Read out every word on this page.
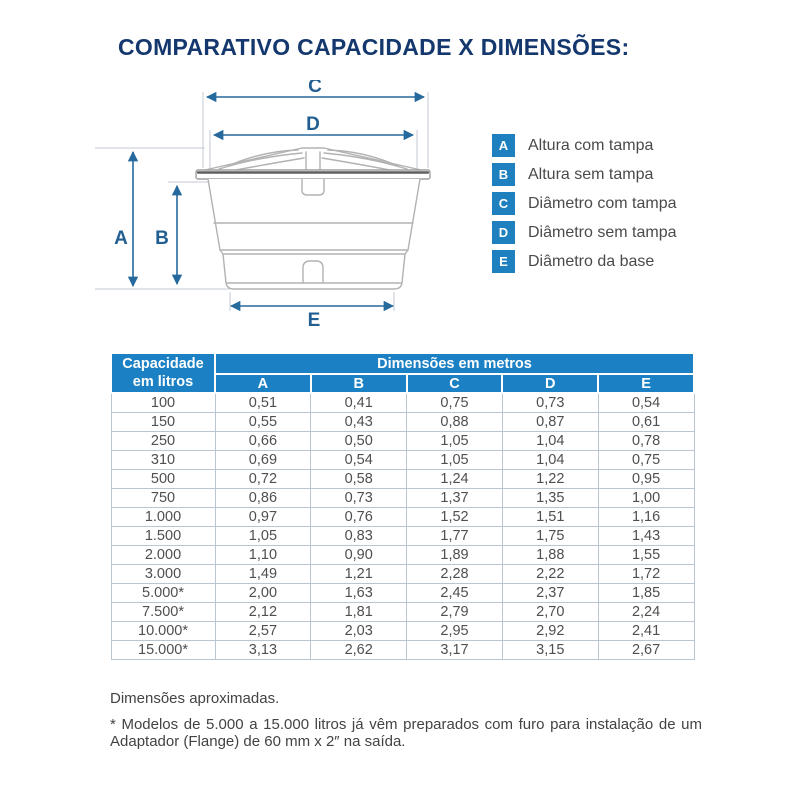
COMPARATIVO CAPACIDADE X DIMENSÕES:
C
D
A B
E
A	Altura com tampa
B	Altura sem tampa
C	Diâmetro com tampa
D	Diâmetro sem tampa
E	Diâmetro da base
Capacidade
em litros	Dimensões em metros				
	A	B	C	D	E
100	0,51	0,41	0,75	0,73	0,54
150	0,55	0,43	0,88	0,87	0,61
250	0,66	0,50	1,05	1,04	0,78
310	0,69	0,54	1,05	1,04	0,75
500	0,72	0,58	1,24	1,22	0,95
750	0,86	0,73	1,37	1,35	1,00
1.000	0,97	0,76	1,52	1,51	1,16
1.500	1,05	0,83	1,77	1,75	1,43
2.000	1,10	0,90	1,89	1,88	1,55
3.000	1,49	1,21	2,28	2,22	1,72
5.000*	2,00	1,63	2,45	2,37	1,85
7.500*	2,12	1,81	2,79	2,70	2,24
10.000*	2,57	2,03	2,95	2,92	2,41
15.000*	3,13	2,62	3,17	3,15	2,67

Dimensões aproximadas.

* Modelos de 5.000 a 15.000 litros já vêm preparados com furo para instalação de um Adaptador (Flange) de 60 mm x 2″ na saída.
